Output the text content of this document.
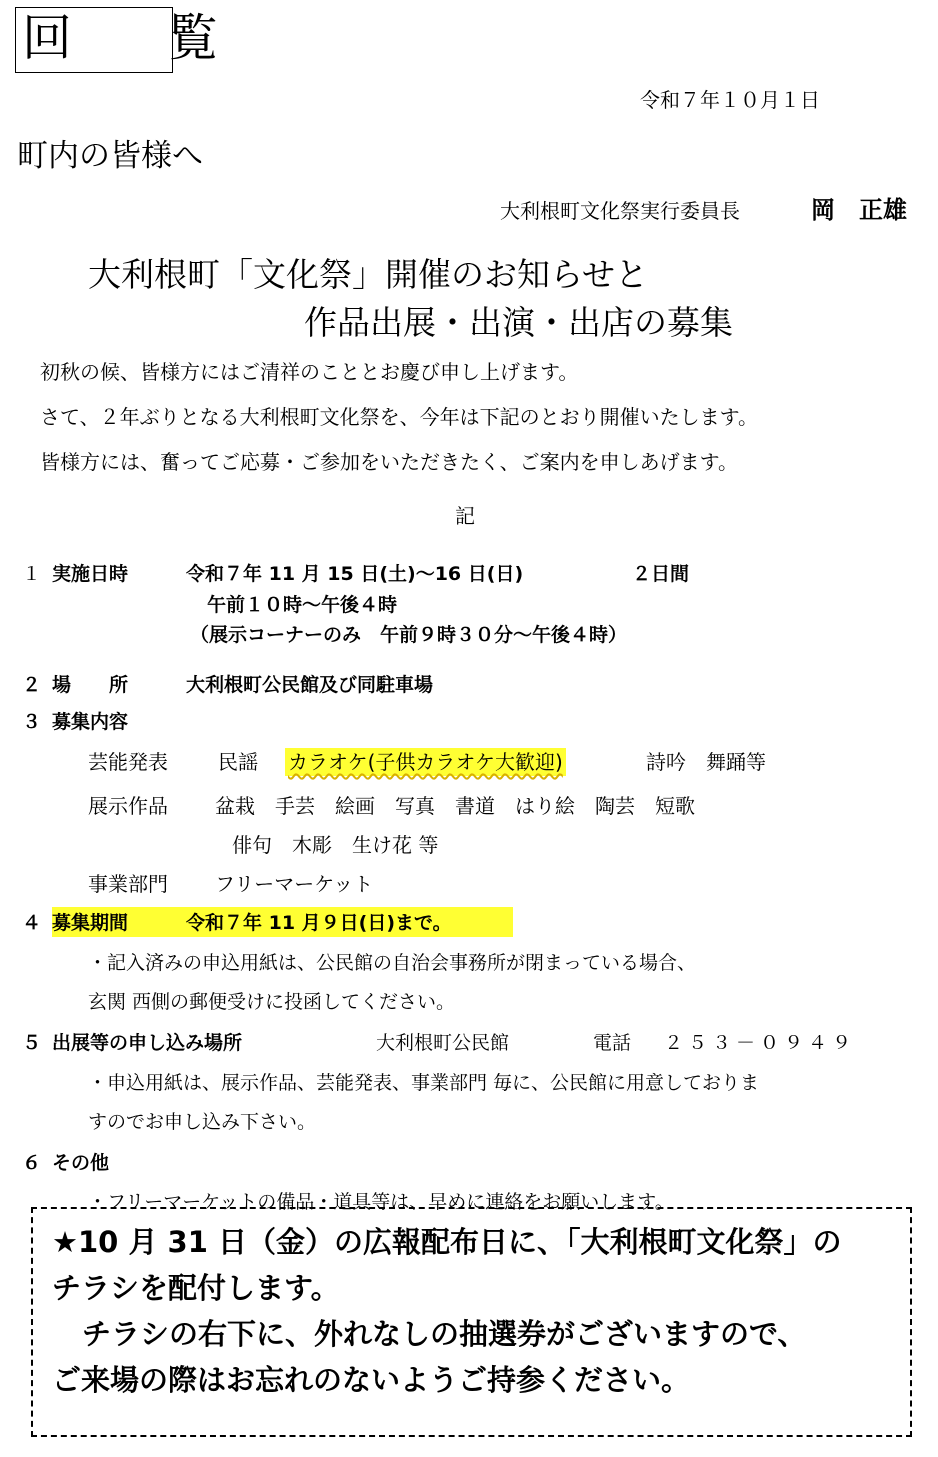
回 覧
令和７年１０月１日
町内の皆様へ
大利根町文化祭実行委員長	岡　正雄
大利根町「文化祭」開催のお知らせと
作品出展・出演・出店の募集
初秋の候、皆様方にはご清祥のこととお慶び申し上げます。
さて、２年ぶりとなる大利根町文化祭を、今年は下記のとおり開催いたします。
皆様方には、奮ってご応募・ご参加をいただきたく、ご案内を申しあげます。
記
１ 実施日時	令和７年 11 月 15 日(土)～16 日(日)	２日間
午前１０時～午後４時
（展示コーナーのみ　午前９時３０分～午後４時）
２ 場　　所	大利根町公民館及び同駐車場
３ 募集内容
芸能発表	民謡 カラオケ(子供カラオケ大歓迎)	詩吟　舞踊等
展示作品 盆栽　手芸　絵画　写真　書道　はり絵　陶芸　短歌
俳句　木彫　生け花 等
事業部門 フリーマーケット
４ 募集期間	令和７年 11 月９日(日)まで。
・記入済みの申込用紙は、公民館の自治会事務所が閉まっている場合、
玄関 西側の郵便受けに投函してください。
５ 出展等の申し込み場所	大利根町公民館	電話 ２５３－０９４９
・申込用紙は、展示作品、芸能発表、事業部門 毎に、公民館に用意しておりま
すのでお申し込み下さい。
６ その他
・フリーマーケットの備品・道具等は、早めに連絡をお願いします。
★10 月 31 日（金）の広報配布日に、「大利根町文化祭」の
チラシを配付します。
チラシの右下に、外れなしの抽選券がございますので、
ご来場の際はお忘れのないようご持参ください。
